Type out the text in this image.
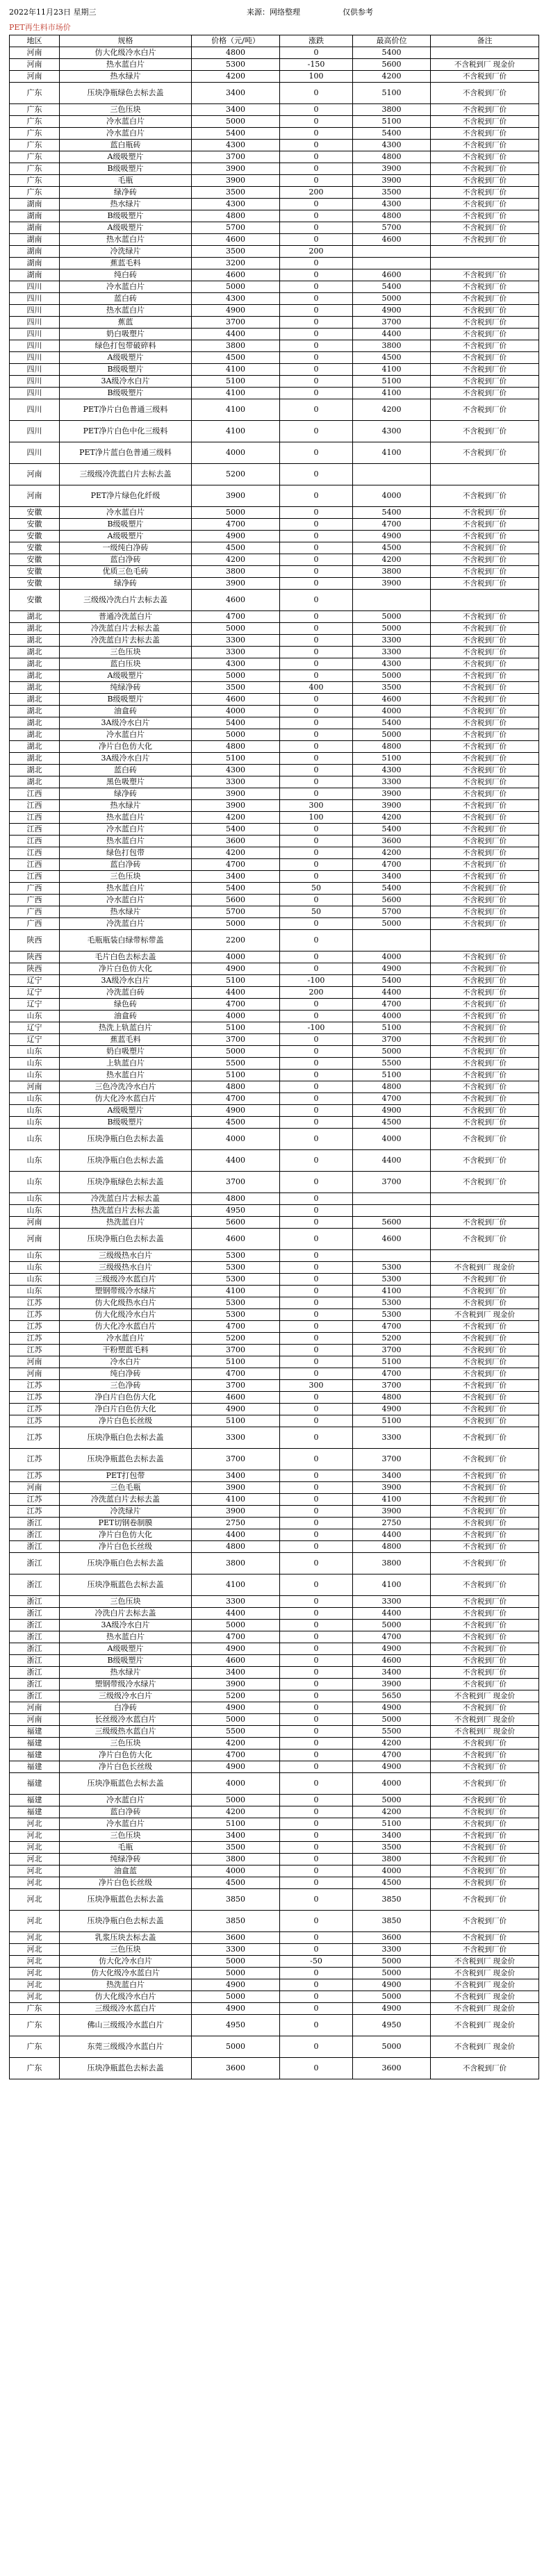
2022年11月23日 星期三	来源：网络整理	仅供参考
PET再生料市场价
地区	规格	价格（元/吨）	涨跌	最高价位	备注
河南	仿大化级冷水白片	4800	0	5400	
河南	热水蓝白片	5300	-150	5600	不含税到厂 现金价
河南	热水绿片	4200	100	4200	不含税到厂价
广东	压块净瓶绿色去标去盖	3400	0	5100	不含税到厂价
广东	三色压块	3400	0	3800	不含税到厂价
广东	冷水蓝白片	5000	0	5100	不含税到厂价
广东	冷水蓝白片	5400	0	5400	不含税到厂价
广东	蓝白瓶砖	4300	0	4300	不含税到厂价
广东	A级吸塑片	3700	0	4800	不含税到厂价
广东	B级吸塑片	3900	0	3900	不含税到厂价
广东	毛瓶	3900	0	3900	不含税到厂价
广东	绿净砖	3500	200	3500	不含税到厂价
湖南	热水绿片	4300	0	4300	不含税到厂价
湖南	B级吸塑片	4800	0	4800	不含税到厂价
湖南	A级吸塑片	5700	0	5700	不含税到厂价
湖南	热水蓝白片	4600	0	4600	不含税到厂价
湖南	冷洗绿片	3500	200		
湖南	蕉蓝毛料	3200	0		
湖南	纯白砖	4600	0	4600	不含税到厂价
四川	冷水蓝白片	5000	0	5400	不含税到厂价
四川	蓝白砖	4300	0	5000	不含税到厂价
四川	热水蓝白片	4900	0	4900	不含税到厂价
四川	蕉蓝	3700	0	3700	不含税到厂价
四川	奶白吸塑片	4400	0	4400	不含税到厂价
四川	绿色打包带破碎料	3800	0	3800	不含税到厂价
四川	A级吸塑片	4500	0	4500	不含税到厂价
四川	B级吸塑片	4100	0	4100	不含税到厂价
四川	3A级冷水白片	5100	0	5100	不含税到厂价
四川	B级吸塑片	4100	0	4100	不含税到厂价
四川	PET净片白色普通三级料	4100	0	4200	不含税到厂价
四川	PET净片白色中化三级料	4100	0	4300	不含税到厂价
四川	PET净片蓝白色普通三级料	4000	0	4100	不含税到厂价
河南	三级级冷洗蓝白片去标去盖	5200	0		
河南	PET净片绿色化纤级	3900	0	4000	不含税到厂价
安徽	冷水蓝白片	5000	0	5400	不含税到厂价
安徽	B级吸塑片	4700	0	4700	不含税到厂价
安徽	A级吸塑片	4900	0	4900	不含税到厂价
安徽	一级纯白净砖	4500	0	4500	不含税到厂价
安徽	蓝白净砖	4200	0	4200	不含税到厂价
安徽	优质三色毛砖	3800	0	3800	不含税到厂价
安徽	绿净砖	3900	0	3900	不含税到厂价
安徽	三级级冷洗白片去标去盖	4600	0		
湖北	普通冷洗蓝白片	4700	0	5000	不含税到厂价
湖北	冷洗蓝白片去标去盖	5000	0	5000	不含税到厂价
湖北	冷洗蓝白片去标去盖	3300	0	3300	不含税到厂价
湖北	三色压块	3300	0	3300	不含税到厂价
湖北	蓝白压块	4300	0	4300	不含税到厂价
湖北	A级吸塑片	5000	0	5000	不含税到厂价
湖北	纯绿净砖	3500	400	3500	不含税到厂价
湖北	B级吸塑片	4600	0	4600	不含税到厂价
湖北	油盒砖	4000	0	4000	不含税到厂价
湖北	3A级冷水白片	5400	0	5400	不含税到厂价
湖北	冷水蓝白片	5000	0	5000	不含税到厂价
湖北	净片白色仿大化	4800	0	4800	不含税到厂价
湖北	3A级冷水白片	5100	0	5100	不含税到厂价
湖北	蓝白砖	4300	0	4300	不含税到厂价
湖北	黑色吸塑片	3300	0	3300	不含税到厂价
江西	绿净砖	3900	0	3900	不含税到厂价
江西	热水绿片	3900	300	3900	不含税到厂价
江西	热水蓝白片	4200	100	4200	不含税到厂价
江西	冷水蓝白片	5400	0	5400	不含税到厂价
江西	热水蓝白片	3600	0	3600	不含税到厂价
江西	绿色打包带	4200	0	4200	不含税到厂价
江西	蓝白净砖	4700	0	4700	不含税到厂价
江西	三色压块	3400	0	3400	不含税到厂价
广西	热水蓝白片	5400	50	5400	不含税到厂价
广西	冷水蓝白片	5600	0	5600	不含税到厂价
广西	热水绿片	5700	50	5700	不含税到厂价
广西	冷洗蓝白片	5000	0	5000	不含税到厂价
陕西	毛瓶瓶装白绿带标带盖	2200	0		
陕西	毛片白色去标去盖	4000	0	4000	不含税到厂价
陕西	净片白色仿大化	4900	0	4900	不含税到厂价
辽宁	3A级冷水白片	5100	-100	5400	不含税到厂价
辽宁	冷洗蓝白砖	4400	200	4400	不含税到厂价
辽宁	绿色砖	4700	0	4700	不含税到厂价
山东	油盒砖	4000	0	4000	不含税到厂价
辽宁	热洗上轨蓝白片	5100	-100	5100	不含税到厂价
辽宁	蕉蓝毛料	3700	0	3700	不含税到厂价
山东	奶白吸塑片	5000	0	5000	不含税到厂价
山东	上轨蓝白片	5500	0	5500	不含税到厂价
山东	热水蓝白片	5100	0	5100	不含税到厂价
河南	三色冷洗冷水白片	4800	0	4800	不含税到厂价
山东	仿大化冷水蓝白片	4700	0	4700	不含税到厂价
山东	A级吸塑片	4900	0	4900	不含税到厂价
山东	B级吸塑片	4500	0	4500	不含税到厂价
山东	压块净瓶白色去标去盖	4000	0	4000	不含税到厂价
山东	压块净瓶白色去标去盖	4400	0	4400	不含税到厂价
山东	压块净瓶绿色去标去盖	3700	0	3700	不含税到厂价
山东	冷洗蓝白片去标去盖	4800	0		
山东	热洗蓝白片去标去盖	4950	0		
河南	热洗蓝白片	5600	0	5600	不含税到厂价
河南	压块净瓶白色去标去盖	4600	0	4600	不含税到厂价
山东	三级级热水白片	5300	0		
山东	三级级热水白片	5300	0	5300	不含税到厂 现金价
山东	三级级冷水蓝白片	5300	0	5300	不含税到厂价
山东	塑钢带级冷水绿片	4100	0	4100	不含税到厂价
江苏	仿大化级热水白片	5300	0	5300	不含税到厂价
江苏	仿大化级冷水白片	5300	0	5300	不含税到厂 现金价
江苏	仿大化冷水蓝白片	4700	0	4700	不含税到厂价
江苏	冷水蓝白片	5200	0	5200	不含税到厂价
江苏	干粉塑蓝毛料	3700	0	3700	不含税到厂价
河南	冷水白片	5100	0	5100	不含税到厂价
河南	纯白净砖	4700	0	4700	不含税到厂价
江苏	三色净砖	3700	300	3700	不含税到厂价
江苏	净白片白色仿大化	4600	0	4800	不含税到厂价
江苏	净白片白色仿大化	4900	0	4900	不含税到厂价
江苏	净片白色长丝级	5100	0	5100	不含税到厂价
江苏	压块净瓶白色去标去盖	3300	0	3300	不含税到厂价
江苏	压块净瓶蓝色去标去盖	3700	0	3700	不含税到厂价
江苏	PET打包带	3400	0	3400	不含税到厂价
河南	三色毛瓶	3900	0	3900	不含税到厂价
江苏	冷洗蓝白片去标去盖	4100	0	4100	不含税到厂价
江苏	冷洗绿片	3900	0	3900	不含税到厂价
浙江	PET切钢卷制膜	2750	0	2750	不含税到厂价
浙江	净片白色仿大化	4400	0	4400	不含税到厂价
浙江	净片白色长丝级	4800	0	4800	不含税到厂价
浙江	压块净瓶白色去标去盖	3800	0	3800	不含税到厂价
浙江	压块净瓶蓝色去标去盖	4100	0	4100	不含税到厂价
浙江	三色压块	3300	0	3300	不含税到厂价
浙江	冷洗白片去标去盖	4400	0	4400	不含税到厂价
浙江	3A级冷水白片	5000	0	5000	不含税到厂价
浙江	热水蓝白片	4700	0	4700	不含税到厂价
浙江	A级吸塑片	4900	0	4900	不含税到厂价
浙江	B级吸塑片	4600	0	4600	不含税到厂价
浙江	热水绿片	3400	0	3400	不含税到厂价
浙江	塑钢带级冷水绿片	3900	0	3900	不含税到厂价
浙江	三级级冷水白片	5200	0	5650	不含税到厂 现金价
河南	白净砖	4900	0	4900	不含税到厂价
河南	长丝级冷水蓝白片	5000	0	5000	不含税到厂 现金价
福建	三级级热水蓝白片	5500	0	5500	不含税到厂 现金价
福建	三色压块	4200	0	4200	不含税到厂价
福建	净片白色仿大化	4700	0	4700	不含税到厂价
福建	净片白色长丝级	4900	0	4900	不含税到厂价
福建	压块净瓶蓝色去标去盖	4000	0	4000	不含税到厂价
福建	冷水蓝白片	5000	0	5000	不含税到厂价
福建	蓝白净砖	4200	0	4200	不含税到厂价
河北	冷水蓝白片	5100	0	5100	不含税到厂价
河北	三色压块	3400	0	3400	不含税到厂价
河北	毛瓶	3500	0	3500	不含税到厂价
河北	纯绿净砖	3800	0	3800	不含税到厂价
河北	油盒蓝	4000	0	4000	不含税到厂价
河北	净片白色长丝级	4500	0	4500	不含税到厂价
河北	压块净瓶蓝色去标去盖	3850	0	3850	不含税到厂价
河北	压块净瓶白色去标去盖	3850	0	3850	不含税到厂价
河北	乳浆压块去标去盖	3600	0	3600	不含税到厂价
河北	三色压块	3300	0	3300	不含税到厂价
河北	仿大化冷水白片	5000	-50	5000	不含税到厂 现金价
河北	仿大化级冷水蓝白片	5000	0	5000	不含税到厂 现金价
河北	热洗蓝白片	4900	0	4900	不含税到厂 现金价
河北	仿大化级冷水白片	5000	0	5000	不含税到厂 现金价
广东	三级级冷水蓝白片	4900	0	4900	不含税到厂 现金价
广东	佛山三级级冷水蓝白片	4950	0	4950	不含税到厂 现金价
广东	东莞三级级冷水蓝白片	5000	0	5000	不含税到厂 现金价
广东	压块净瓶蓝色去标去盖	3600	0	3600	不含税到厂价
